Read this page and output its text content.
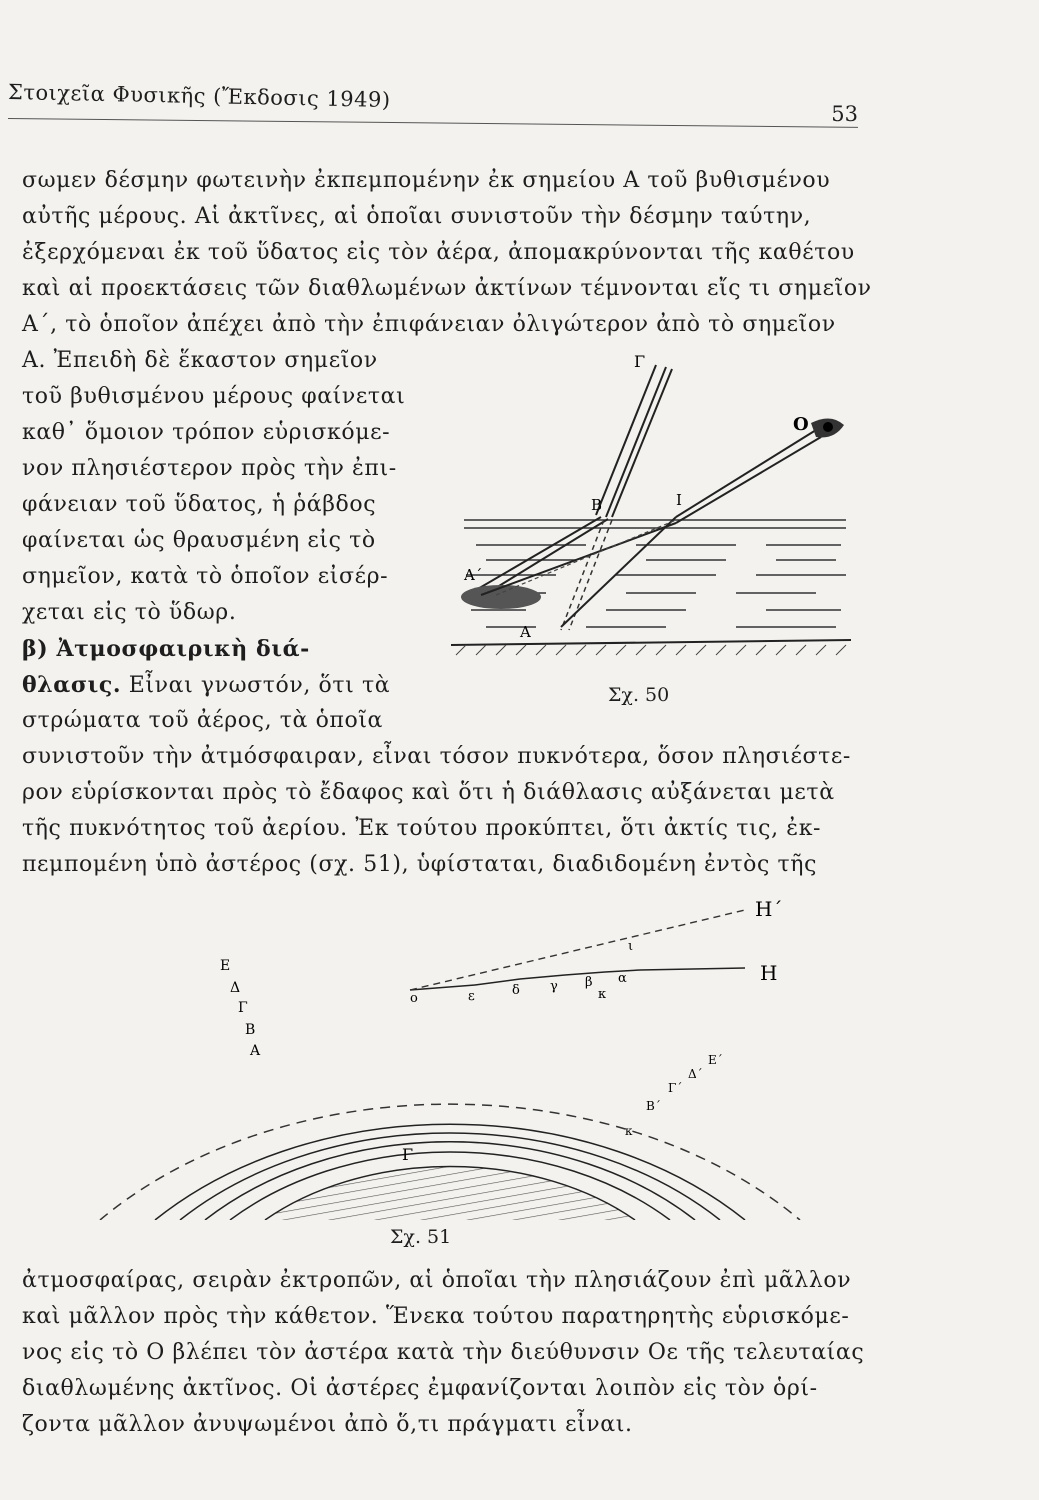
Στοιχεῖα Φυσικῆς (Ἔκδοσις 1949)
53
σωμεν δέσμην φωτεινὴν ἐκπεμπομένην ἐκ σημείου Α τοῦ βυθισμένου
αὐτῆς μέρους. Αἱ ἀκτῖνες, αἱ ὁποῖαι συνιστοῦν τὴν δέσμην ταύτην,
ἐξερχόμεναι ἐκ τοῦ ὕδατος εἰς τὸν ἀέρα, ἀπομακρύνονται τῆς καθέτου
καὶ αἱ προεκτάσεις τῶν διαθλωμένων ἀκτίνων τέμνονται εἴς τι σημεῖον
Α΄, τὸ ὁποῖον ἀπέχει ἀπὸ τὴν ἐπιφάνειαν ὀλιγώτερον ἀπὸ τὸ σημεῖον
Α. Ἐπειδὴ δὲ ἕκαστον σημεῖον
τοῦ βυθισμένου μέρους φαίνεται
καθ᾽ ὅμοιον τρόπον εὑρισκόμε-
νον πλησιέστερον πρὸς τὴν ἐπι-
φάνειαν τοῦ ὕδατος, ἡ ῥάβδος
φαίνεται ὡς θραυσμένη εἰς τὸ
σημεῖον, κατὰ τὸ ὁποῖον εἰσέρ-
χεται εἰς τὸ ὕδωρ.
β) Ἀτμοσφαιρικὴ διά-
θλασις. Εἶναι γνωστόν, ὅτι τὰ
στρώματα τοῦ ἀέρος, τὰ ὁποῖα
συνιστοῦν τὴν ἀτμόσφαιραν, εἶναι τόσον πυκνότερα, ὅσον πλησιέστε-
ρον εὑρίσκονται πρὸς τὸ ἔδαφος καὶ ὅτι ἡ διάθλασις αὐξάνεται μετὰ
τῆς πυκνότητος τοῦ ἀερίου. Ἐκ τούτου προκύπτει, ὅτι ἀκτίς τις, ἐκ-
πεμπομένη ὑπὸ ἀστέρος (σχ. 51), ὑφίσταται, διαδιδομένη ἐντὸς τῆς
Γ
Ο
Β	Ι
Α΄
Α
Σχ. 50
Η΄
Η
Γ
Ε
Δ
Γ
Β
Α
ο	ε	δ γ β α
κ
ι
κ
Β΄
Γ΄
Δ΄
Ε΄
Σχ. 51
ἀτμοσφαίρας, σειρὰν ἐκτροπῶν, αἱ ὁποῖαι τὴν πλησιάζουν ἐπὶ μᾶλλον
καὶ μᾶλλον πρὸς τὴν κάθετον. Ἕνεκα τούτου παρατηρητὴς εὑρισκόμε-
νος εἰς τὸ Ο βλέπει τὸν ἀστέρα κατὰ τὴν διεύθυνσιν Οε τῆς τελευταίας
διαθλωμένης ἀκτῖνος. Οἱ ἀστέρες ἐμφανίζονται λοιπὸν εἰς τὸν ὁρί-
ζοντα μᾶλλον ἀνυψωμένοι ἀπὸ ὅ,τι πράγματι εἶναι.
